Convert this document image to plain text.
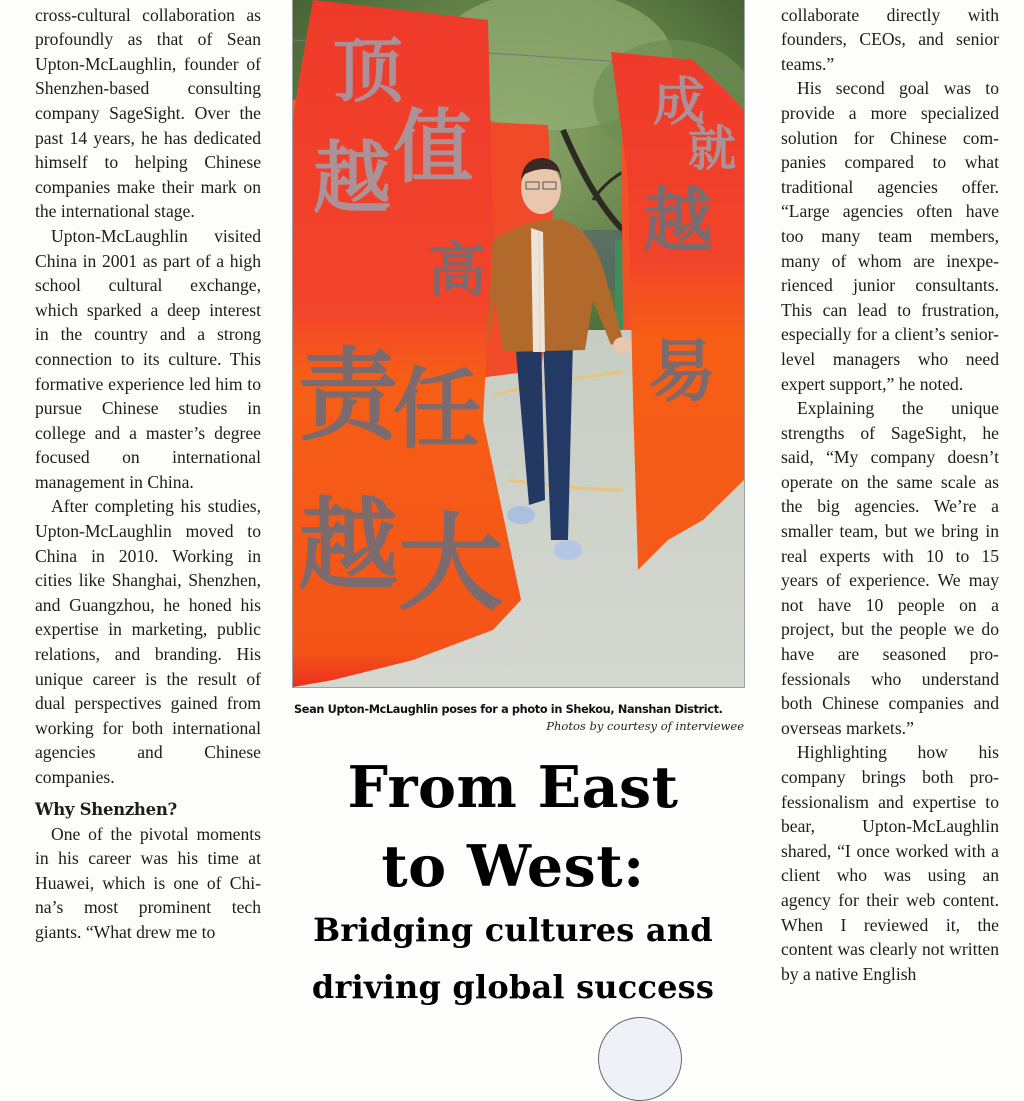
cross-cultural collaboration as profoundly as that of Sean Upton-McLaughlin, founder of Shenzhen-based consulting company SageSight. Over the past 14 years, he has dedicated himself to helping Chinese companies make their mark on the international stage.

Upton-McLaughlin visited China in 2001 as part of a high school cultural exchange, which sparked a deep interest in the country and a strong connection to its culture. This formative experience led him to pursue Chinese studies in college and a master’s degree focused on international management in China.

After completing his studies, Upton-McLaughlin moved to China in 2010. Working in cities like Shanghai, Shenzhen, and Guangzhou, he honed his expertise in marketing, public relations, and branding. His unique career is the result of dual perspectives gained from working for both international agencies and Chinese companies.

Why Shenzhen?

One of the pivotal moments in his career was his time at Huawei, which is one of China’s most prominent tech giants. “What drew me to

顶
越 值
高
责
任
越 大
成
就
越
易
Sean Upton-McLaughlin poses for a photo in Shekou, Nanshan District.
Photos by courtesy of interviewee
From East
to West:
Bridging cultures and
driving global success

collaborate directly with founders, CEOs, and senior teams.”

His second goal was to provide a more specialized solution for Chinese companies compared to what traditional agencies offer. “Large agencies often have too many team members, many of whom are inexperienced junior consultants. This can lead to frustration, especially for a client’s senior-level managers who need expert support,” he noted.

Explaining the unique strengths of SageSight, he said, “My company doesn’t operate on the same scale as the big agencies. We’re a smaller team, but we bring in real experts with 10 to 15 years of experience. We may not have 10 people on a project, but the people we do have are seasoned professionals who understand both Chinese companies and overseas markets.”

Highlighting how his company brings both professionalism and expertise to bear, Upton-McLaughlin shared, “I once worked with a client who was using an agency for their web content. When I reviewed it, the content was clearly not written by a native English
